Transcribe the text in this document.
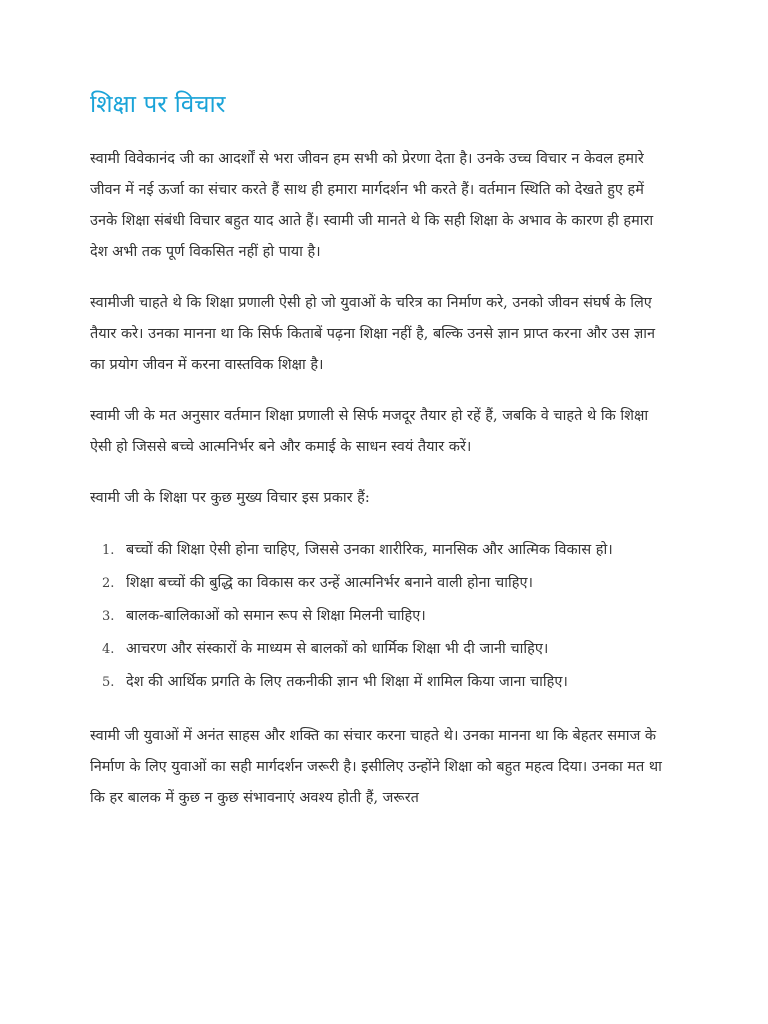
शिक्षा पर विचार

स्वामी विवेकानंद जी का आदर्शों से भरा जीवन हम सभी को प्रेरणा देता है। उनके उच्च विचार न केवल हमारे जीवन में नई ऊर्जा का संचार करते हैं साथ ही हमारा मार्गदर्शन भी करते हैं। वर्तमान स्थिति को देखते हुए हमें उनके शिक्षा संबंधी विचार बहुत याद आते हैं। स्वामी जी मानते थे कि सही शिक्षा के अभाव के कारण ही हमारा देश अभी तक पूर्ण विकसित नहीं हो पाया है।

स्वामीजी चाहते थे कि शिक्षा प्रणाली ऐसी हो जो युवाओं के चरित्र का निर्माण करे, उनको जीवन संघर्ष के लिए तैयार करे। उनका मानना था कि सिर्फ किताबें पढ़ना शिक्षा नहीं है, बल्कि उनसे ज्ञान प्राप्त करना और उस ज्ञान का प्रयोग जीवन में करना वास्तविक शिक्षा है।

स्वामी जी के मत अनुसार वर्तमान शिक्षा प्रणाली से सिर्फ मजदूर तैयार हो रहें हैं, जबकि वे चाहते थे कि शिक्षा ऐसी हो जिससे बच्चे आत्मनिर्भर बने और कमाई के साधन स्वयं तैयार करें।

स्वामी जी के शिक्षा पर कुछ मुख्य विचार इस प्रकार हैं:

1. बच्चों की शिक्षा ऐसी होना चाहिए, जिससे उनका शारीरिक, मानसिक और आत्मिक विकास हो।
2. शिक्षा बच्चों की बुद्धि का विकास कर उन्हें आत्मनिर्भर बनाने वाली होना चाहिए।
3. बालक-बालिकाओं को समान रूप से शिक्षा मिलनी चाहिए।
4. आचरण और संस्कारों के माध्यम से बालकों को धार्मिक शिक्षा भी दी जानी चाहिए।
5. देश की आर्थिक प्रगति के लिए तकनीकी ज्ञान भी शिक्षा में शामिल किया जाना चाहिए।

स्वामी जी युवाओं में अनंत साहस और शक्ति का संचार करना चाहते थे। उनका मानना था कि बेहतर समाज के निर्माण के लिए युवाओं का सही मार्गदर्शन जरूरी है। इसीलिए उन्होंने शिक्षा को बहुत महत्व दिया। उनका मत था कि हर बालक में कुछ न कुछ संभावनाएं अवश्य होती हैं, जरूरत
